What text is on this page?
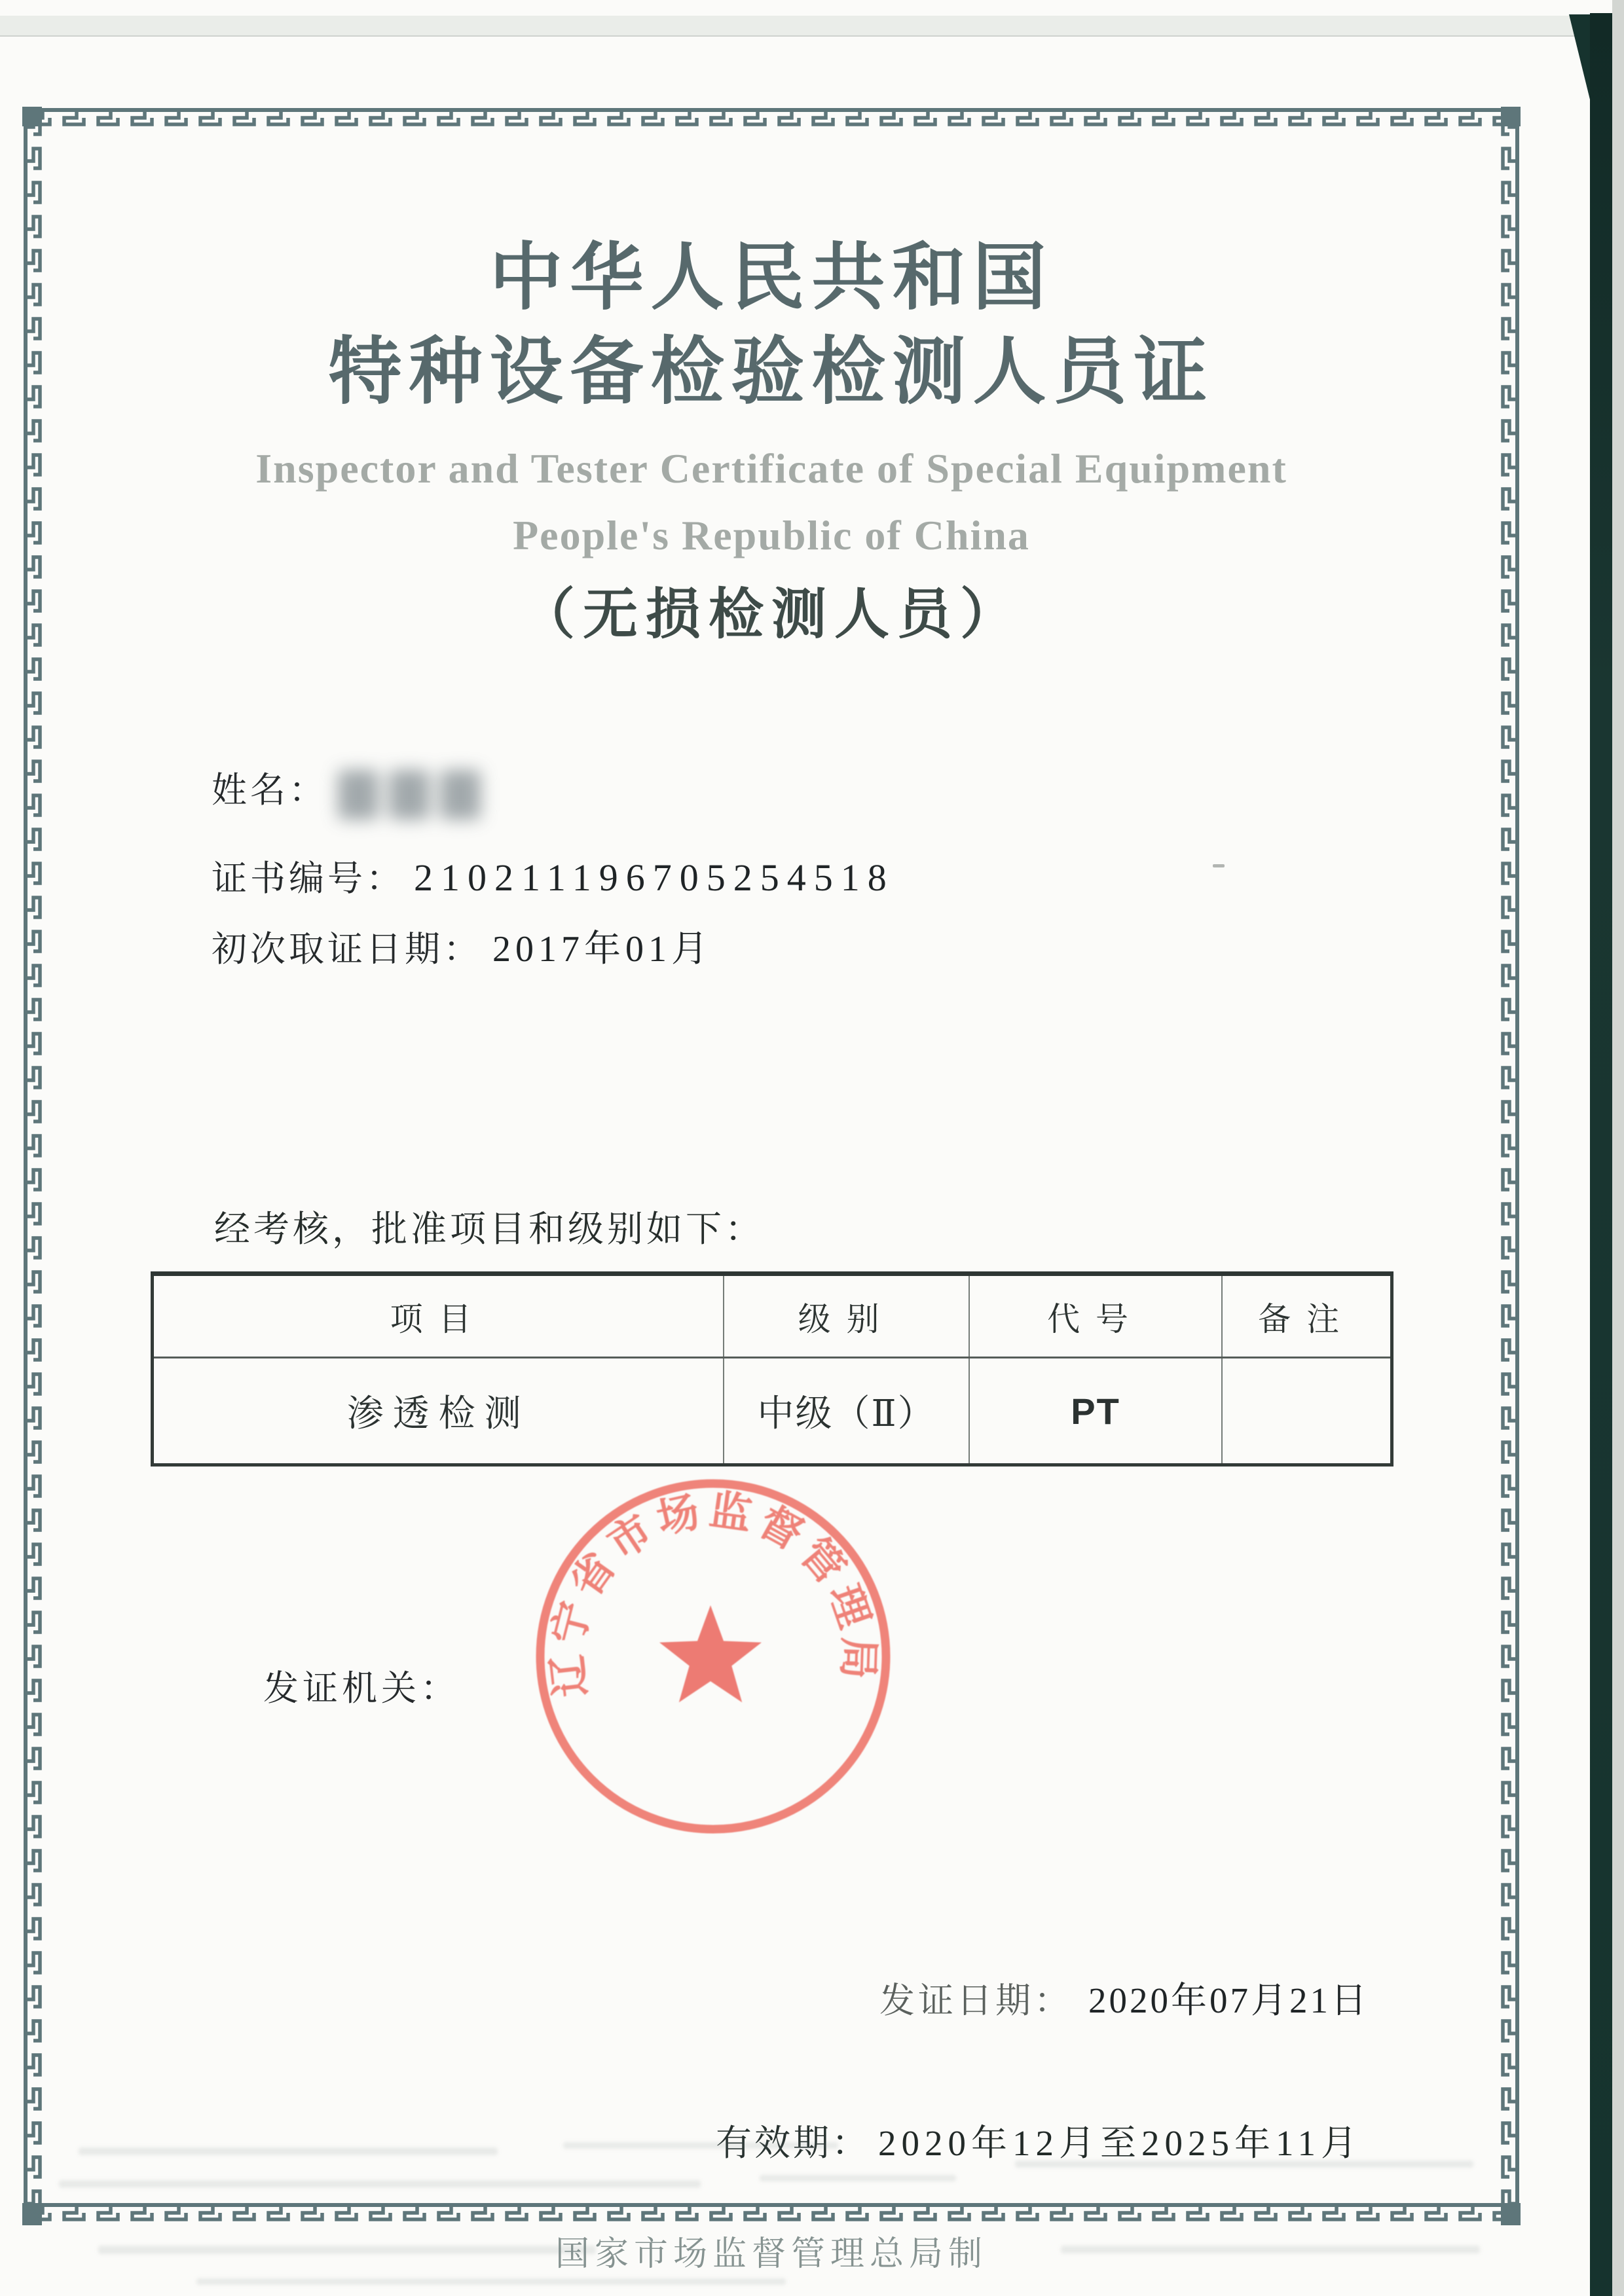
中华人民共和国
特种设备检验检测人员证
Inspector and Tester Certificate of Special Equipment
People's Republic of China
（无损检测人员）
姓名：
证书编号： 210211196705254518
初次取证日期： 2017年01月
经考核，批准项目和级别如下：
项目	级别	代号	备注
渗透检测	中级（Ⅱ）	PT	
发证机关： 辽宁省市场监督管理局
发证日期： 2020年07月21日
有效期： 2020年12月至2025年11月
国家市场监督管理总局制
